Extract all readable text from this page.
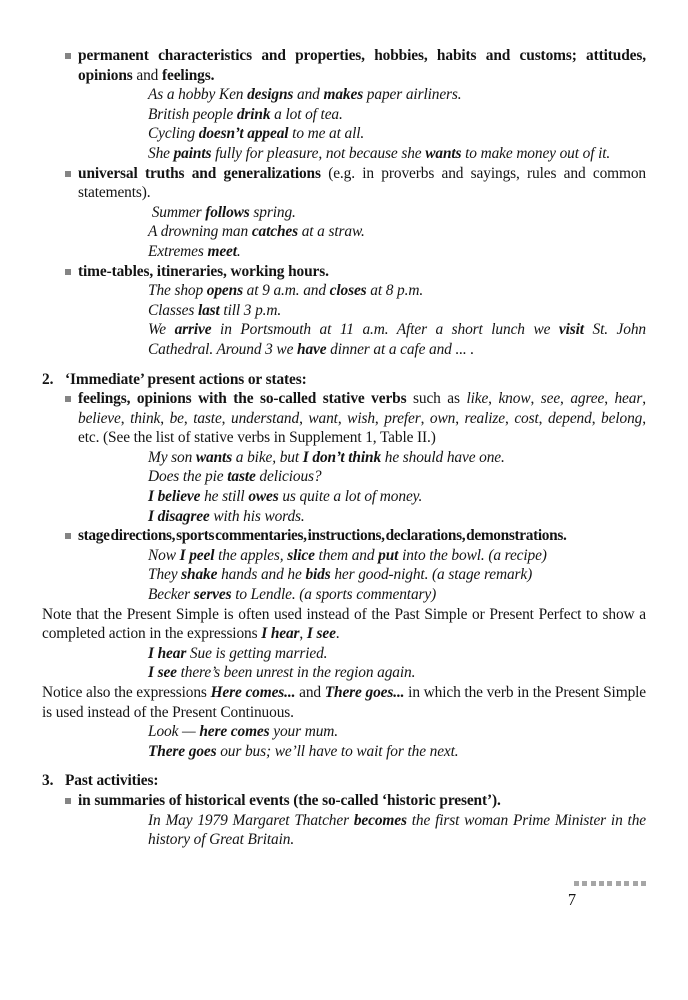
permanent characteristics and properties, hobbies, habits and customs; attitudes, opinions and feelings.
As a hobby Ken designs and makes paper airliners.
British people drink a lot of tea.
Cycling doesn’t appeal to me at all.
She paints fully for pleasure, not because she wants to make money out of it.
universal truths and generalizations (e.g. in proverbs and sayings, rules and common statements).
Summer follows spring.
A drowning man catches at a straw.
Extremes meet.
time-tables, itineraries, working hours.
The shop opens at 9 a.m. and closes at 8 p.m.
Classes last till 3 p.m.
We arrive in Portsmouth at 11 a.m. After a short lunch we visit St. John Cathedral. Around 3 we have dinner at a cafe and ... .
2. ‘Immediate’ present actions or states:
feelings, opinions with the so-called stative verbs such as like, know, see, agree, hear, believe, think, be, taste, understand, want, wish, prefer, own, realize, cost, depend, belong, etc. (See the list of stative verbs in Supplement 1, Table II.)
My son wants a bike, but I don’t think he should have one.
Does the pie taste delicious?
I believe he still owes us quite a lot of money.
I disagree with his words.
stage directions, sports commentaries, instructions, declarations, demonstrations.
Now I peel the apples, slice them and put into the bowl. (a recipe)
They shake hands and he bids her good-night. (a stage remark)
Becker serves to Lendle. (a sports commentary)
Note that the Present Simple is often used instead of the Past Simple or Present Perfect to show a completed action in the expressions I hear, I see.
I hear Sue is getting married.
I see there’s been unrest in the region again.
Notice also the expressions Here comes... and There goes... in which the verb in the Present Simple is used instead of the Present Continuous.
Look — here comes your mum.
There goes our bus; we’ll have to wait for the next.
3. Past activities:
in summaries of historical events (the so-called ‘historic present’).
In May 1979 Margaret Thatcher becomes the first woman Prime Minister in the history of Great Britain.
7
